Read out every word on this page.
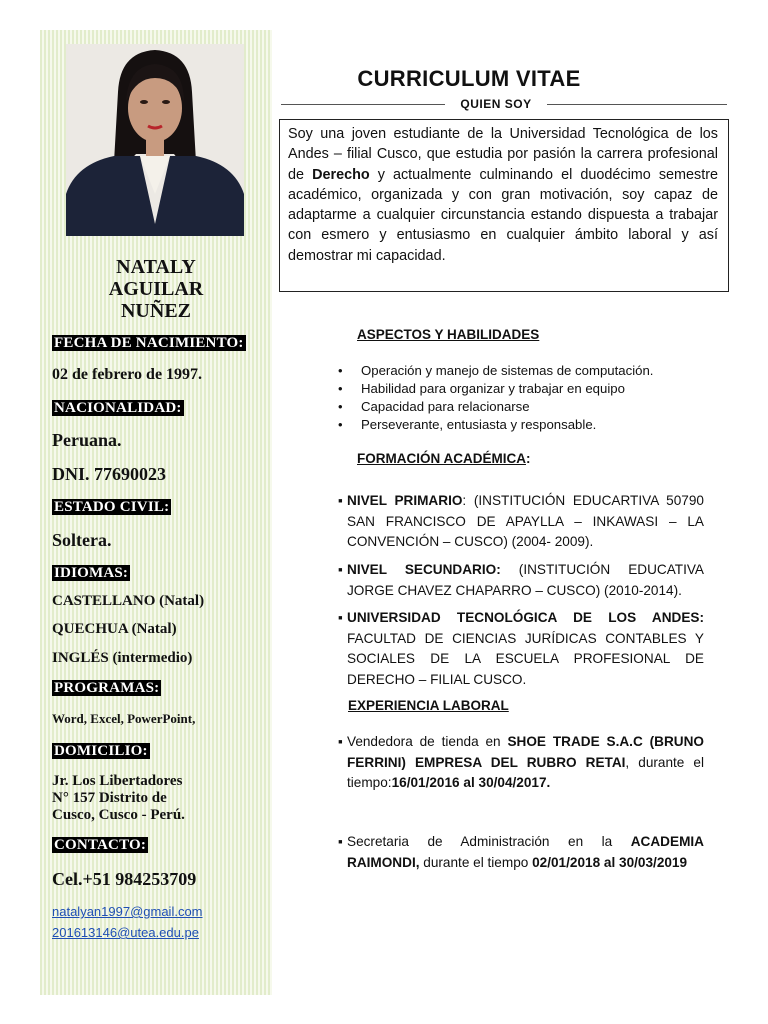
NATALY
AGUILAR
NUÑEZ
FECHA DE NACIMIENTO:
02 de febrero de 1997.
NACIONALIDAD:
Peruana.
DNI. 77690023
ESTADO CIVIL:
Soltera.
IDIOMAS:
CASTELLANO (Natal)
QUECHUA (Natal)
INGLÉS (intermedio)
PROGRAMAS:
Word, Excel, PowerPoint,
DOMICILIO:
Jr. Los Libertadores
N° 157 Distrito de
Cusco, Cusco - Perú.
CONTACTO:
Cel.+51 984253709
natalyan1997@gmail.com
201613146@utea.edu.pe
CURRICULUM VITAE
QUIEN SOY
Soy una joven estudiante de la Universidad Tecnológica de los Andes – filial Cusco, que estudia por pasión la carrera profesional de Derecho y actualmente culminando el duodécimo semestre académico, organizada y con gran motivación, soy capaz de adaptarme a cualquier circunstancia estando dispuesta a trabajar con esmero y entusiasmo en cualquier ámbito laboral y así demostrar mi capacidad.
ASPECTOS Y HABILIDADES
• Operación y manejo de sistemas de computación.
• Habilidad para organizar y trabajar en equipo
• Capacidad para relacionarse
• Perseverante, entusiasta y responsable.
FORMACIÓN ACADÉMICA:
▪ NIVEL PRIMARIO: (INSTITUCIÓN EDUCARTIVA 50790 SAN FRANCISCO DE APAYLLA – INKAWASI – LA CONVENCIÓN – CUSCO) (2004- 2009).
▪ NIVEL SECUNDARIO: (INSTITUCIÓN EDUCATIVA JORGE CHAVEZ CHAPARRO – CUSCO) (2010-2014).
▪ UNIVERSIDAD TECNOLÓGICA DE LOS ANDES: FACULTAD DE CIENCIAS JURÍDICAS CONTABLES Y SOCIALES DE LA ESCUELA PROFESIONAL DE DERECHO – FILIAL CUSCO.
EXPERIENCIA LABORAL
▪ Vendedora de tienda en SHOE TRADE S.A.C (BRUNO FERRINI) EMPRESA DEL RUBRO RETAI, durante el tiempo:16/01/2016 al 30/04/2017.
▪ Secretaria de Administración en la ACADEMIA RAIMONDI, durante el tiempo 02/01/2018 al 30/03/2019
